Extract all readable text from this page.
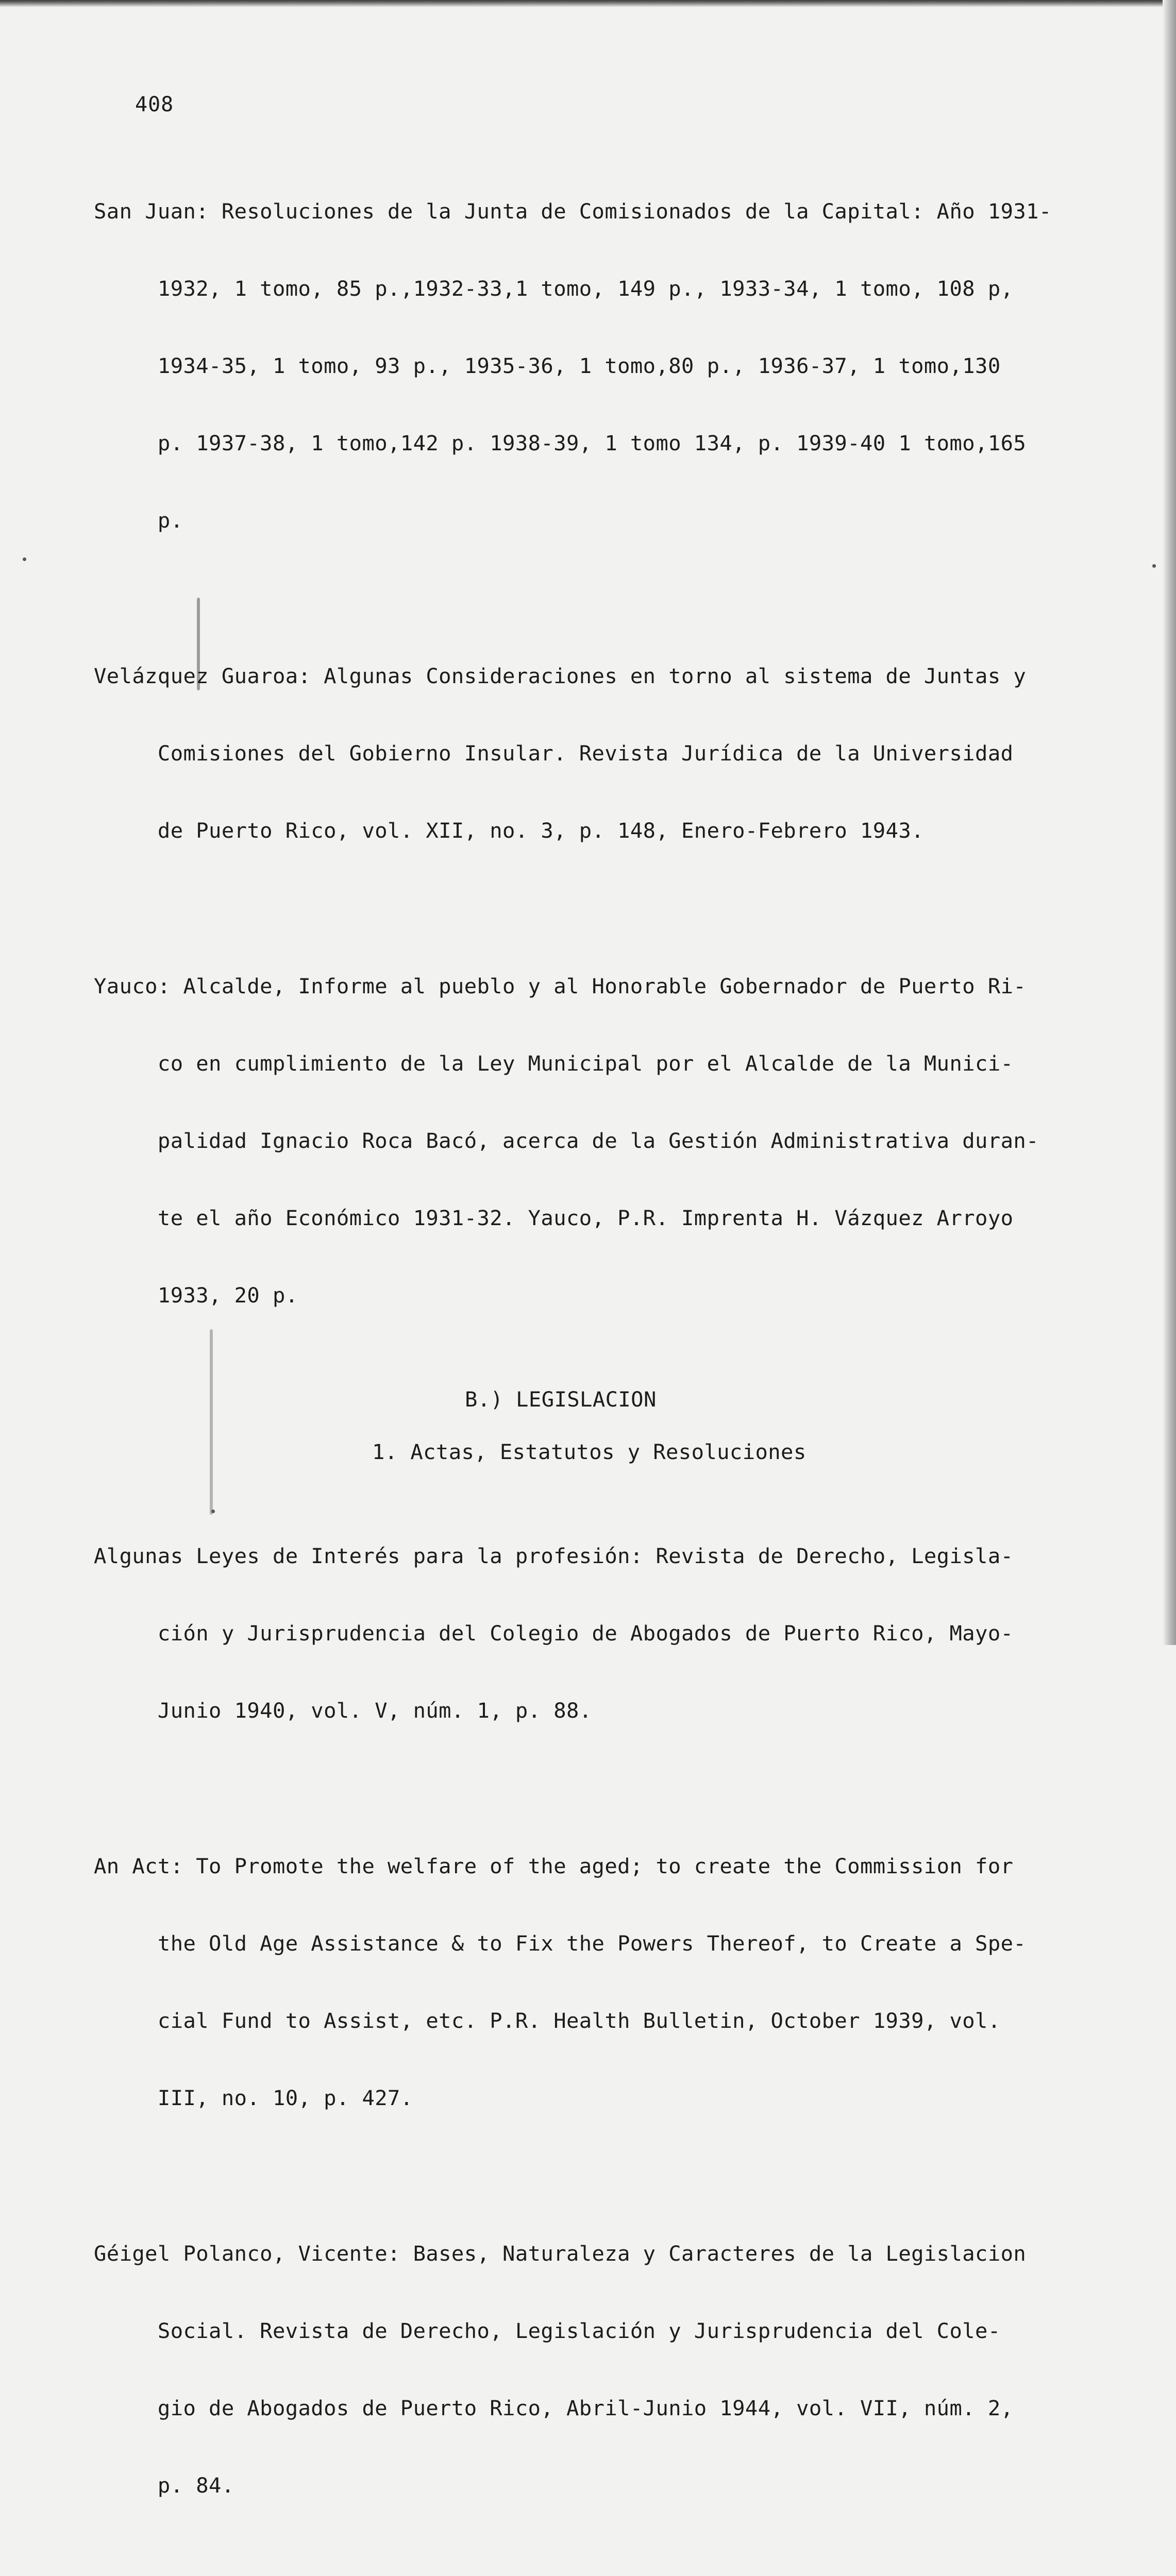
408

San Juan: Resoluciones de la Junta de Comisionados de la Capital: Año 1931-

1932, 1 tomo, 85 p.,1932-33,1 tomo, 149 p., 1933-34, 1 tomo, 108 p,

1934-35, 1 tomo, 93 p., 1935-36, 1 tomo,80 p., 1936-37, 1 tomo,130

p. 1937-38, 1 tomo,142 p. 1938-39, 1 tomo 134, p. 1939-40 1 tomo,165

p.

Velázquez Guaroa: Algunas Consideraciones en torno al sistema de Juntas y

Comisiones del Gobierno Insular. Revista Jurídica de la Universidad

de Puerto Rico, vol. XII, no. 3, p. 148, Enero-Febrero 1943.

Yauco: Alcalde, Informe al pueblo y al Honorable Gobernador de Puerto Ri-

co en cumplimiento de la Ley Municipal por el Alcalde de la Munici-

palidad Ignacio Roca Bacó, acerca de la Gestión Administrativa duran-

te el año Económico 1931-32. Yauco, P.R. Imprenta H. Vázquez Arroyo

1933, 20 p.

B.) LEGISLACION
1. Actas, Estatutos y Resoluciones

Algunas Leyes de Interés para la profesión: Revista de Derecho, Legisla-

ción y Jurisprudencia del Colegio de Abogados de Puerto Rico, Mayo-

Junio 1940, vol. V, núm. 1, p. 88.

An Act: To Promote the welfare of the aged; to create the Commission for

the Old Age Assistance & to Fix the Powers Thereof, to Create a Spe-

cial Fund to Assist, etc. P.R. Health Bulletin, October 1939, vol.

III, no. 10, p. 427.

Géigel Polanco, Vicente: Bases, Naturaleza y Caracteres de la Legislacion

Social. Revista de Derecho, Legislación y Jurisprudencia del Cole-

gio de Abogados de Puerto Rico, Abril-Junio 1944, vol. VII, núm. 2,

p. 84.
